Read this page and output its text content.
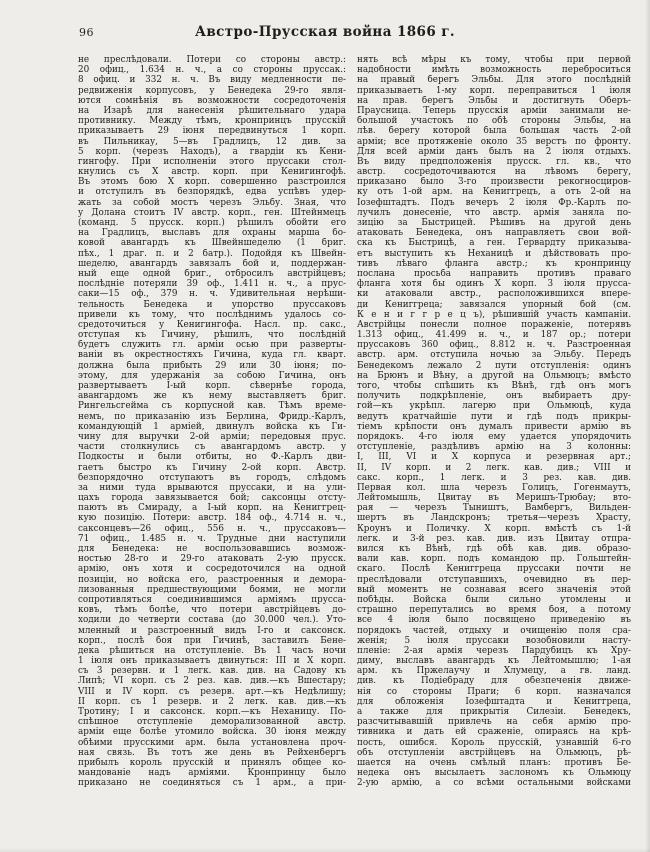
96	Австро-Прусская война 1866 г.
не преслѣдовали. Потери со стороны австр.:
20 офиц., 1.634 н. ч., а со стороны пруссак.:
8 офиц. и 332 н. ч. Въ виду медленности пе-
редвиженія корпусовъ, у Бенедека 29-го явля-
ются сомнѣнія въ возможности сосредоточенія
на Изарѣ для нанесенія рѣшительнаго удара
противнику. Между тѣмъ, кронпринцъ прусскій
приказываетъ 29 іюня передвинуться 1 корп.
въ Пильникау, 5—въ Градлицъ, 12 див. за
5 корп. (черезъ Находъ), а гвардіи къ Кени-
гингофу. При исполненіи этого пруссаки стол-
кнулись съ X австр. корп. при Кенигингофѣ.
Въ этомъ бою X корп. совершенно разстроился
и отступилъ въ безпорядкѣ, едва успѣвъ удер-
жать за собой мостъ черезъ Эльбу. Зная, что
у Долана стоитъ IV австр. корп., ген. Штейнмецъ
(команд. 5 прусск. корп.) рѣшилъ обойти его
на Градлицъ, выславъ для охраны марша бо-
ковой авангардъ къ Швейншеделю (1 бриг.
пѣх., 1 драг. п. и 2 батр.). Подойдя къ Швейн-
шеделю, авангардъ завязалъ бой и, поддержан-
ный еще одной бриг., отбросилъ австрійцевъ;
послѣдніе потеряли 39 оф., 1.411 н. ч., а прус-
саки—15 оф., 379 н. ч. Удивительная нерѣши-
тельность Бенедека и упорство пруссаковъ
привели къ тому, что послѣднимъ удалось со-
средоточиться у Кенигингофа. Насл. пр. сакс.,
отступая къ Гичину, рѣшилъ, что послѣдній
будетъ служить гл. арміи осью при разверты-
ваніи въ окрестностяхъ Гичина, куда гл. кварт.
должна была прибыть 29 или 30 іюня; по-
этому, для удержанія за собою Гичина, онъ
развертываетъ I-ый корп. сѣвернѣе города,
авангардомъ же къ нему выставляетъ бриг.
Рингельсгейма съ корпусной кав. Тѣмъ време-
немъ, по приказанію изъ Берлина, Фридр.-Карлъ,
командующій 1 арміей, двинулъ войска къ Ги-
чину для выручки 2-ой арміи; передовыя прус.
части столкнулись съ авангардомъ австр. у
Подкосты и были отбиты, но Ф.-Карлъ дви-
гаетъ быстро къ Гичину 2-ой корп. Австр.
безпорядочно отступаютъ въ городъ, слѣдомъ
за ними туда врываются пруссаки, и на ули-
цахъ города завязывается бой; саксонцы отсту-
паютъ въ Смираду, а I-ый корп. на Кениггрец-
кую позицію. Потери: австр. 184 оф., 4.714 н. ч.,
саксонцевъ—26 офиц., 556 н. ч., пруссаковъ—
71 офиц., 1.485 н. ч. Трудные дни наступили
для Бенедека: не воспользовавшись возмож-
ностью 28-го и 29-го атаковать 2-ую прусск.
армію, онъ хотя и сосредоточился на одной
позиціи, но войска его, разстроенныя и демора-
лизованныя предшествующими боями, не могли
сопротивляться соединившимся арміямъ прусса-
ковъ, тѣмъ болѣе, что потери австрійцевъ до-
ходили до четверти состава (до 30.000 чел.). Уто-
мленный и разстроенный видъ I-го и саксонск.
корп., послѣ боя при Гичинѣ, заставилъ Бене-
дека рѣшиться на отступленіе. Въ 1 часъ ночи
1 іюля онъ приказываетъ двинуться: III и X корп.
съ 3 резервн. и 1 легк. кав. див. на Садову къ
Липѣ; VI корп. съ 2 рез. кав. див.—къ Вшестару;
VIII и IV корп. съ резерв. арт.—къ Недѣлишу;
II корп. съ 1 резерв. и 2 легк. кав. див.—къ
Тротину; I и саксонск. корп.—къ Неханицу. По-
спѣшное отступленіе деморализованной австр.
арміи еще болѣе утомило войска. 30 іюня между
обѣими прусскими арм. была установлена проч-
ная связь. Въ тотъ же день въ Рейхенбергъ
прибылъ король прусскій и принялъ общее ко-
мандованіе надъ арміями. Кронпринцу было
приказано не соединяться съ 1 арм., а при-
нять всѣ мѣры къ тому, чтобы при первой
надобности имѣть возможность переброситься
на правый берегъ Эльбы. Для этого послѣдній
приказываетъ 1-му корп. переправиться 1 іюля
на прав. берегъ Эльбы и достигнуть Оберъ-
Праусница. Теперь прусскія арміи занимали не-
большой участокъ по обѣ стороны Эльбы, на
лѣв. берегу которой была большая часть 2-ой
арміи; все протяженіе около 35 верстъ по фронту.
Для всей арміи данъ былъ на 2 іюля отдыхъ.
Въ виду предположенія прусск. гл. кв., что
австр. сосредоточиваются на лѣвомъ берегу,
приказано было 3-го произвести рекогносциров-
ку отъ 1-ой арм. на Кениггрецъ, а отъ 2-ой на
Іозефштадтъ. Подъ вечеръ 2 іюля Фр.-Карлъ по-
лучилъ донесеніе, что австр. армія заняла по-
зицію за Быстрицей. Рѣшивъ на другой день
атаковать Бенедека, онъ направляетъ свои вой-
ска къ Быстрицѣ, а ген. Гервардту приказыва-
етъ выступить къ Неханицѣ и дѣйствовать про-
тивъ лѣваго фланга австр.; къ кронпринцу
послана просьба направить противъ праваго
фланга хотя бы одинъ X корп. 3 іюля прусса-
ки атаковали австр., расположившихся впере-
ди Кениггреца; завязался упорный бой (см.
К е н и г г р е ц ъ), рѣшившій участь кампаніи.
Австрійцы понесли полное пораженіе, потерявъ
1.313 офиц., 41.499 н. ч., и 187 ор.; потери
пруссаковъ 360 офиц., 8.812 н. ч. Разстроенная
австр. арм. отступила ночью за Эльбу. Передъ
Бенедекомъ лежало 2 пути отступленія: одинъ
на Брюнъ и Вѣну, а другой на Ольмюцъ; вмѣсто
того, чтобы спѣшить къ Вѣнѣ, гдѣ онъ могъ
получить подкрѣпленіе, онъ выбираетъ дру-
гой—къ укрѣпл. лагерю при Ольмюцѣ, куда
ведутъ кратчайшіе пути и гдѣ подъ прикры-
тіемъ крѣпости онъ думалъ привести армію въ
порядокъ. 4-го іюля ему удается упорядочить
отступленіе, раздѣливъ армію на 3 колонны:
I, III, VI и X корпуса и резервная арт.;
II, IV корп. и 2 легк. кав. див.; VIII и
сакс. корп., 1 легк. и 3 рез. кав. див.
Первая кол. шла черезъ Голицъ, Гогенмаутъ,
Лейтомышль, Цвитау въ Меришъ-Трюбау; вто-
рая — черезъ Тыништъ, Вамбергъ, Вильден-
шертъ въ Ландскронъ; третья—черезъ Храсту,
Кроунъ и Поличку. X корп. вмѣстѣ съ 1-й
легк. и 3-й рез. кав. див. изъ Цвитау отпра-
вился къ Вѣнѣ, гдѣ обѣ кав. див. образо-
вали кав. корп. подъ командою пр. Гольштейн-
скаго. Послѣ Кениггреца пруссаки почти не
преслѣдовали отступавшихъ, очевидно въ пер-
вый моментъ не сознавая всего значенія этой
побѣды. Войска были сильно утомлены и
страшно перепутались во время боя, а потому
все 4 іюля было посвящено приведенію въ
порядокъ частей, отдыху и очищенію поля сра-
женія; 5 іюля пруссаки возобновили насту-
пленіе: 2-ая армія черезъ Пардубицъ къ Хру-
диму, выславъ авангардъ къ Лейтомышлю; 1-ая
арм. къ Пржелаучу и Хлумецу, а гв. ланд.
див. къ Подіебраду для обезпеченія движе-
нія со стороны Праги; 6 корп. назначался
для обложенія Іозефштадта и Кениггреца,
а также для прикрытія Силезіи. Бенедекъ,
разсчитывавшій привлечь на себя армію про-
тивника и дать ей сраженіе, опираясь на крѣ-
пость, ошибся. Король прусскій, узнавшій 6-го
объ отступленіи австрійцевъ на Ольмюцъ, рѣ-
шается на очень смѣлый планъ: противъ Бе-
недека онъ высылаетъ заслономъ къ Ольмюцу
2-ую армію, а со всѣми остальными войсками
